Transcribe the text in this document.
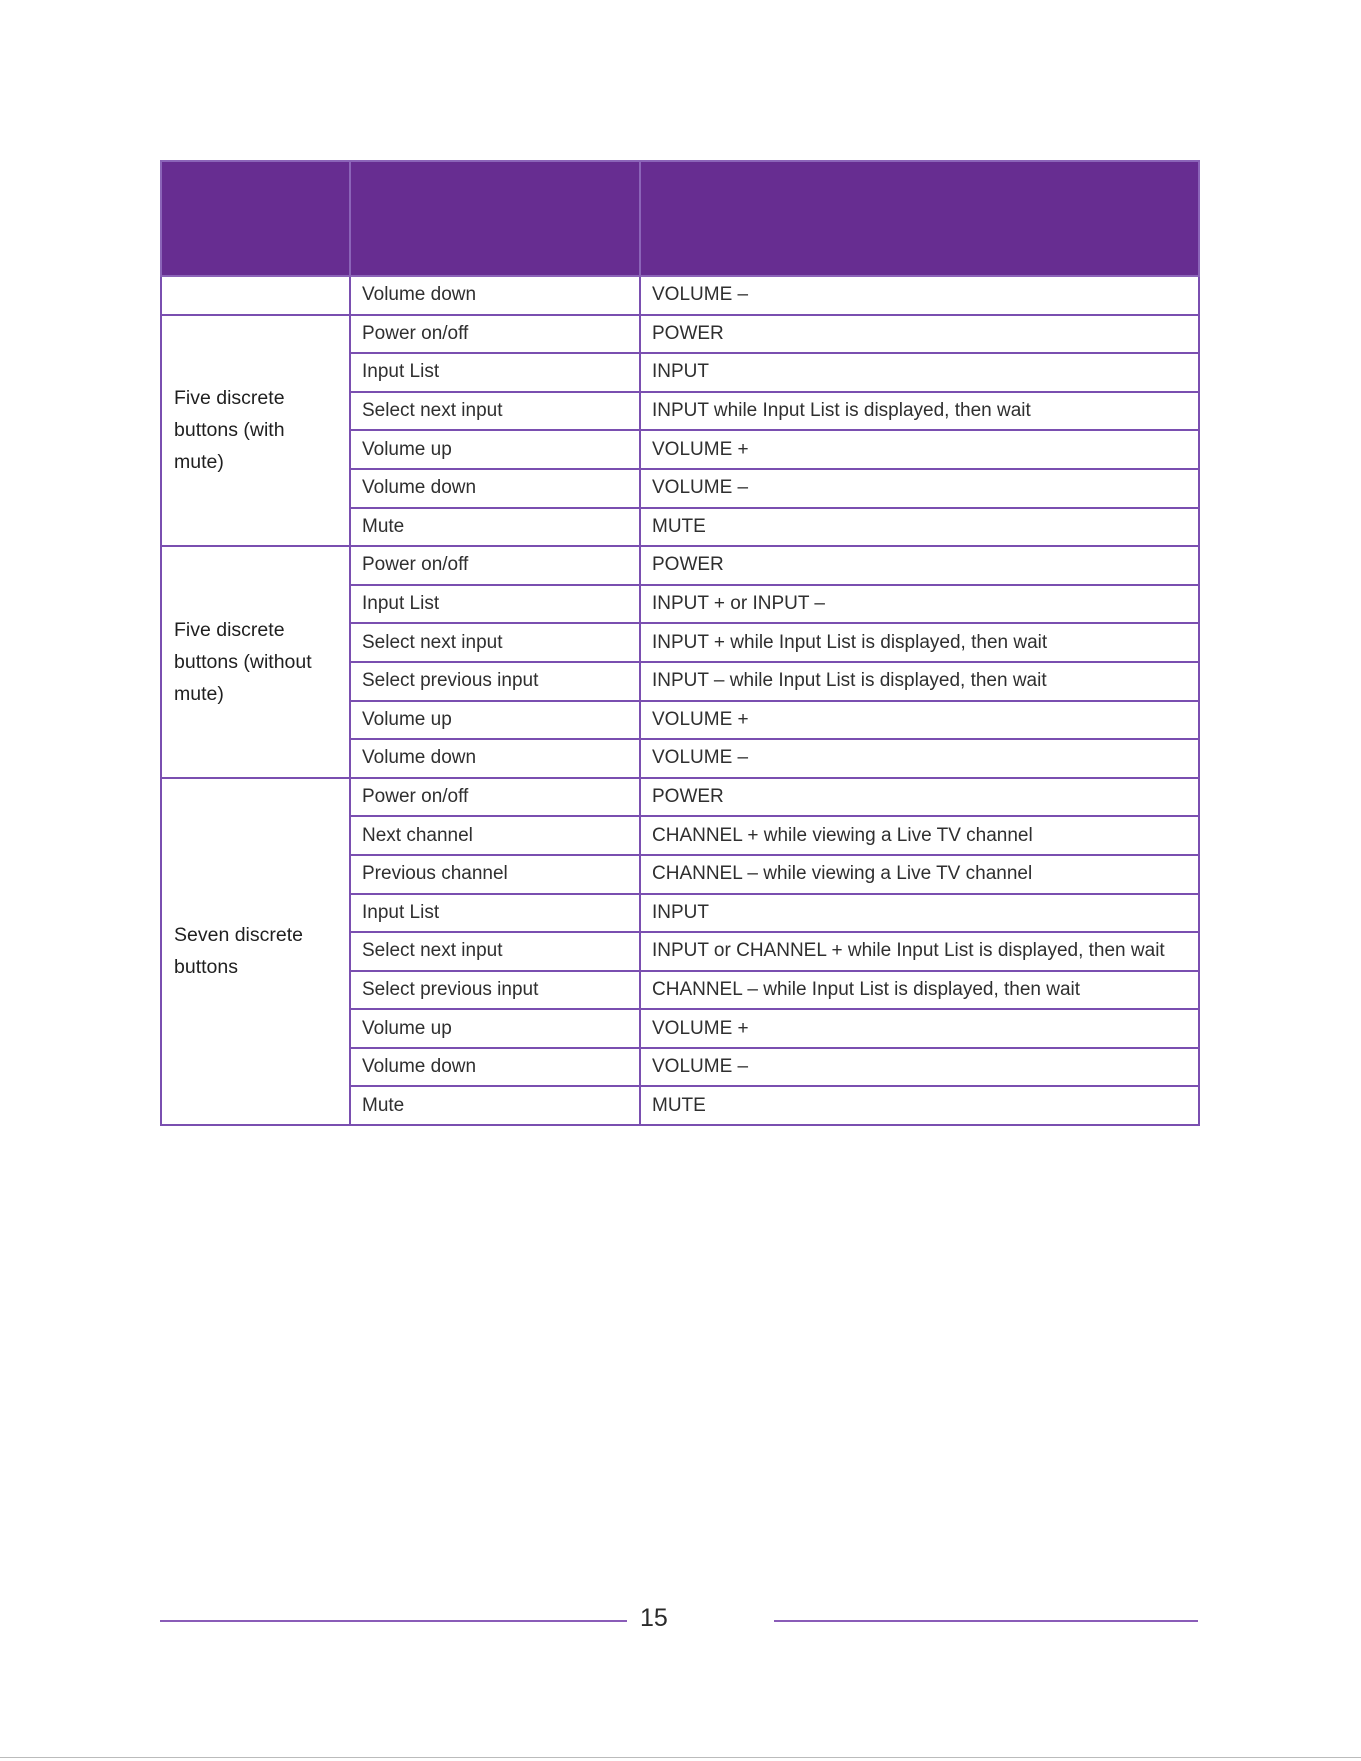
	Volume down	VOLUME –
Five discrete buttons (with mute)	Power on/off	POWER
	Input List	INPUT
	Select next input	INPUT while Input List is displayed, then wait
	Volume up	VOLUME +
	Volume down	VOLUME –
	Mute	MUTE
Five discrete buttons (without mute)	Power on/off	POWER
	Input List	INPUT + or INPUT –
	Select next input	INPUT + while Input List is displayed, then wait
	Select previous input	INPUT – while Input List is displayed, then wait
	Volume up	VOLUME +
	Volume down	VOLUME –
Seven discrete buttons	Power on/off	POWER
	Next channel	CHANNEL + while viewing a Live TV channel
	Previous channel	CHANNEL – while viewing a Live TV channel
	Input List	INPUT
	Select next input	INPUT or CHANNEL + while Input List is displayed, then wait
	Select previous input	CHANNEL – while Input List is displayed, then wait
	Volume up	VOLUME +
	Volume down	VOLUME –
	Mute	MUTE
15
